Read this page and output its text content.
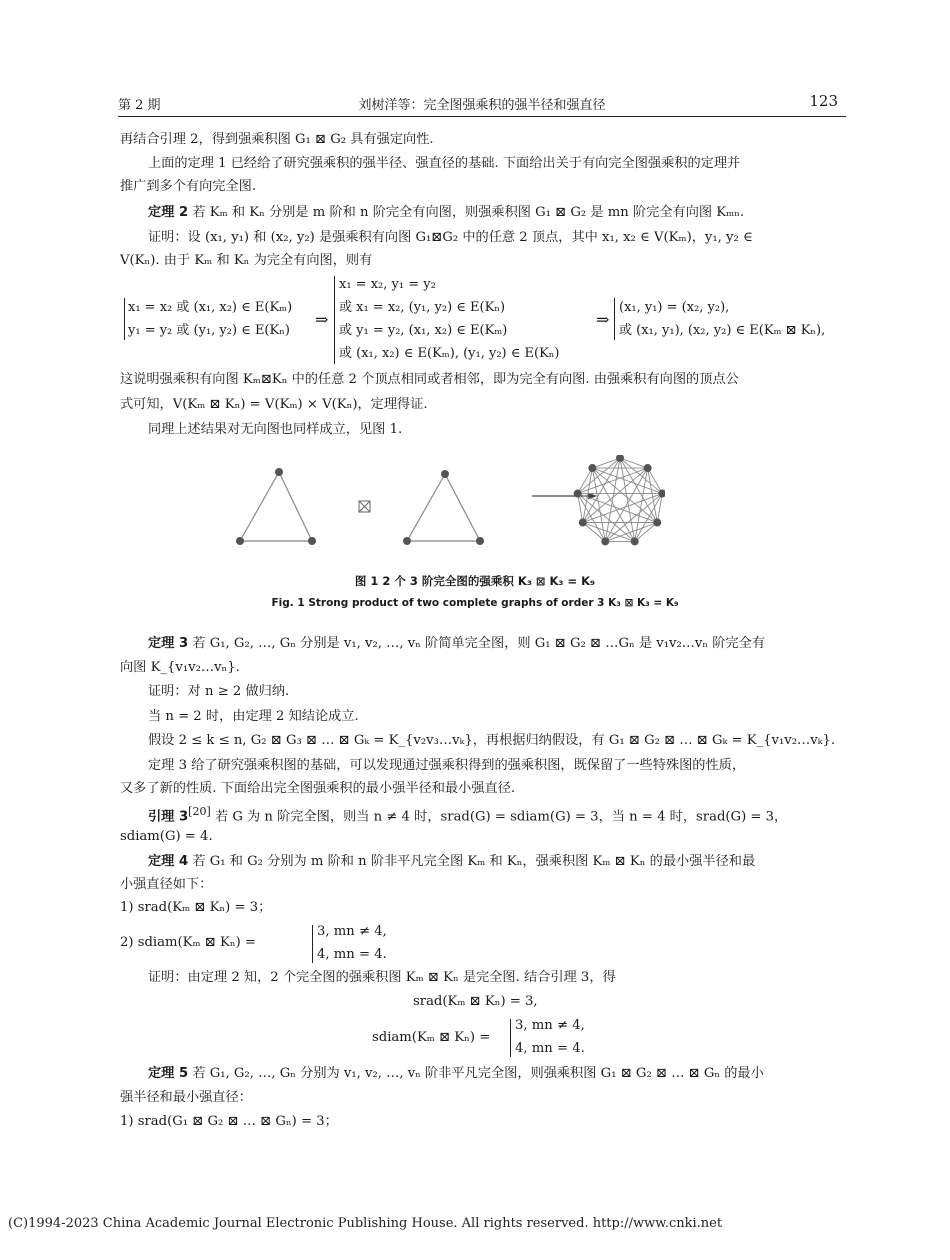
第 2 期	刘树洋等：完全图强乘积的强半径和强直径	123
再结合引理 2，得到强乘积图 G₁ ⊠ G₂ 具有强定向性.
上面的定理 1 已经给了研究强乘积的强半径、强直径的基础. 下面给出关于有向完全图强乘积的定理并
推广到多个有向完全图.
定理 2 若 Kₘ 和 Kₙ 分别是 m 阶和 n 阶完全有向图，则强乘积图 G₁ ⊠ G₂ 是 mn 阶完全有向图 Kₘₙ.
证明：设 (x₁, y₁) 和 (x₂, y₂) 是强乘积有向图 G₁⊠G₂ 中的任意 2 顶点，其中 x₁, x₂ ∈ V(Kₘ)，y₁, y₂ ∈
V(Kₙ). 由于 Kₘ 和 Kₙ 为完全有向图，则有
x₁ = x₂ 或 (x₁, x₂) ∈ E(Kₘ)
y₁ = y₂ 或 (y₁, y₂) ∈ E(Kₙ)
⇒
x₁ = x₂, y₁ = y₂
或 x₁ = x₂, (y₁, y₂) ∈ E(Kₙ)
或 y₁ = y₂, (x₁, x₂) ∈ E(Kₘ)
或 (x₁, x₂) ∈ E(Kₘ), (y₁, y₂) ∈ E(Kₙ)
⇒
(x₁, y₁) = (x₂, y₂),
或 (x₁, y₁), (x₂, y₂) ∈ E(Kₘ ⊠ Kₙ),
这说明强乘积有向图 Kₘ⊠Kₙ 中的任意 2 个顶点相同或者相邻，即为完全有向图. 由强乘积有向图的顶点公
式可知，V(Kₘ ⊠ Kₙ) = V(Kₘ) × V(Kₙ)，定理得证.
同理上述结果对无向图也同样成立，见图 1.
图 1 2 个 3 阶完全图的强乘积 K₃ ⊠ K₃ = K₉
Fig. 1 Strong product of two complete graphs of order 3 K₃ ⊠ K₃ = K₉
定理 3 若 G₁, G₂, …, Gₙ 分别是 v₁, v₂, …, vₙ 阶简单完全图，则 G₁ ⊠ G₂ ⊠ …Gₙ 是 v₁v₂…vₙ 阶完全有
向图 K_{v₁v₂…vₙ}.
证明：对 n ≥ 2 做归纳.
当 n = 2 时，由定理 2 知结论成立.
假设 2 ≤ k ≤ n, G₂ ⊠ G₃ ⊠ … ⊠ Gₖ = K_{v₂v₃…vₖ}，再根据归纳假设，有 G₁ ⊠ G₂ ⊠ … ⊠ Gₖ = K_{v₁v₂…vₖ}.
定理 3 给了研究强乘积图的基础，可以发现通过强乘积得到的强乘积图，既保留了一些特殊图的性质，
又多了新的性质. 下面给出完全图强乘积的最小强半径和最小强直径.
引理 3[20] 若 G 为 n 阶完全图，则当 n ≠ 4 时，srad(G) = sdiam(G) = 3，当 n = 4 时，srad(G) = 3，
sdiam(G) = 4.
定理 4 若 G₁ 和 G₂ 分别为 m 阶和 n 阶非平凡完全图 Kₘ 和 Kₙ，强乘积图 Kₘ ⊠ Kₙ 的最小强半径和最
小强直径如下：
1) srad(Kₘ ⊠ Kₙ) = 3；
2) sdiam(Kₘ ⊠ Kₙ) =
3, mn ≠ 4,
4, mn = 4.
证明：由定理 2 知，2 个完全图的强乘积图 Kₘ ⊠ Kₙ 是完全图. 结合引理 3，得
srad(Kₘ ⊠ Kₙ) = 3,
sdiam(Kₘ ⊠ Kₙ) =
3, mn ≠ 4,
4, mn = 4.
定理 5 若 G₁, G₂, …, Gₙ 分别为 v₁, v₂, …, vₙ 阶非平凡完全图，则强乘积图 G₁ ⊠ G₂ ⊠ … ⊠ Gₙ 的最小
强半径和最小强直径：
1) srad(G₁ ⊠ G₂ ⊠ … ⊠ Gₙ) = 3；
(C)1994-2023 China Academic Journal Electronic Publishing House. All rights reserved. http://www.cnki.net
